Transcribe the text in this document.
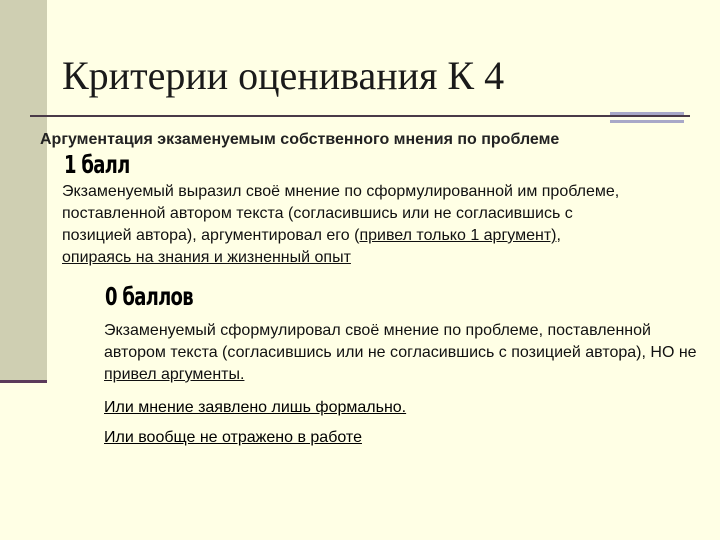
Критерии оценивания К 4

Аргументация экзаменуемым собственного мнения по проблеме

1 балл

Экзаменуемый выразил своё мнение по сформулированной им проблеме, поставленной автором текста (согласившись или не согласившись с позицией автора), аргументировал его (привел только 1 аргумент), опираясь на знания и жизненный опыт

0 баллов

Экзаменуемый сформулировал своё мнение по проблеме, поставленной автором текста (согласившись или не согласившись с позицией автора), НО не привел аргументы.

Или мнение заявлено лишь формально.

Или вообще не отражено в работе
